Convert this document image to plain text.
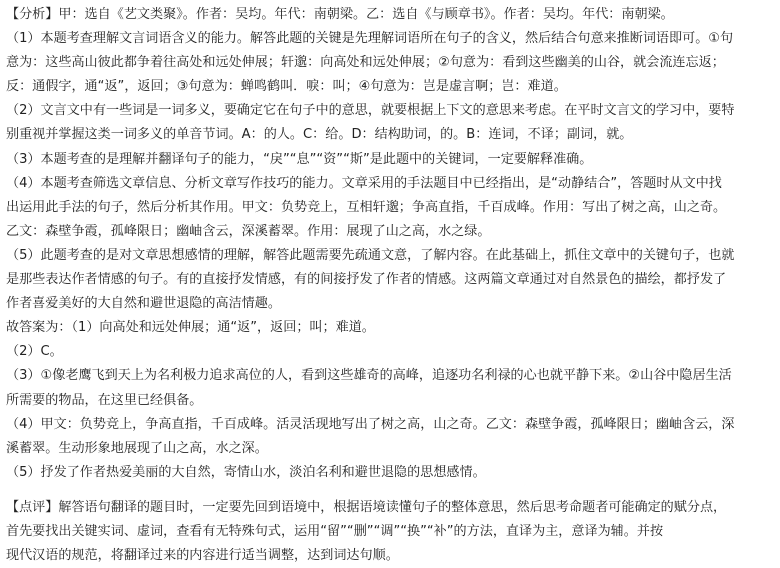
【分析】甲：选自《艺文类聚》。作者：吴均。年代：南朝梁。乙：选自《与顾章书》。作者：吴均。年代：南朝梁。
（1）本题考查理解文言词语含义的能力。解答此题的关键是先理解词语所在句子的含义，然后结合句意来推断词语即可。①句
意为：这些高山彼此都争着往高处和远处伸展；轩邈：向高处和远处伸展；②句意为：看到这些幽美的山谷，就会流连忘返；
反：通假字，通“返”，返回；③句意为：蝉鸣鹤叫．唳：叫；④句意为：岂是虚言啊；岂：难道。
（2）文言文中有一些词是一词多义，要确定它在句子中的意思，就要根据上下文的意思来考虑。在平时文言文的学习中，要特
别重视并掌握这类一词多义的单音节词。A：的人。C：给。D：结构助词，的。B：连词，不译；副词，就。
（3）本题考查的是理解并翻译句子的能力，“戾”“息”“资”“斯”是此题中的关键词，一定要解释准确。
（4）本题考查筛选文章信息、分析文章写作技巧的能力。文章采用的手法题目中已经指出，是“动静结合”，答题时从文中找
出运用此手法的句子，然后分析其作用。甲文：负势竞上，互相轩邈；争高直指，千百成峰。作用：写出了树之高，山之奇。
乙文：森壁争霞，孤峰限日；幽岫含云，深溪蓄翠。作用：展现了山之高，水之绿。
（5）此题考查的是对文章思想感情的理解，解答此题需要先疏通文意，了解内容。在此基础上，抓住文章中的关键句子，也就
是那些表达作者情感的句子。有的直接抒发情感，有的间接抒发了作者的情感。这两篇文章通过对自然景色的描绘，都抒发了
作者喜爱美好的大自然和避世退隐的高洁情趣。
故答案为：（1）向高处和远处伸展；通“返”，返回；叫；难道。
（2）C。
（3）①像老鹰飞到天上为名利极力追求高位的人，看到这些雄奇的高峰，追逐功名利禄的心也就平静下来。②山谷中隐居生活
所需要的物品，在这里已经俱备。
（4）甲文：负势竞上，争高直指，千百成峰。活灵活现地写出了树之高，山之奇。乙文：森壁争霞，孤峰限日；幽岫含云，深
溪蓄翠。生动形象地展现了山之高，水之深。
（5）抒发了作者热爱美丽的大自然，寄情山水，淡泊名利和避世退隐的思想感情。
【点评】解答语句翻译的题目时，一定要先回到语境中，根据语境读懂句子的整体意思，然后思考命题者可能确定的赋分点，
首先要找出关键实词、虚词，查看有无特殊句式，运用“留”“删”“调”“换”“补”的方法，直译为主，意译为辅。并按
现代汉语的规范，将翻译过来的内容进行适当调整，达到词达句顺。
